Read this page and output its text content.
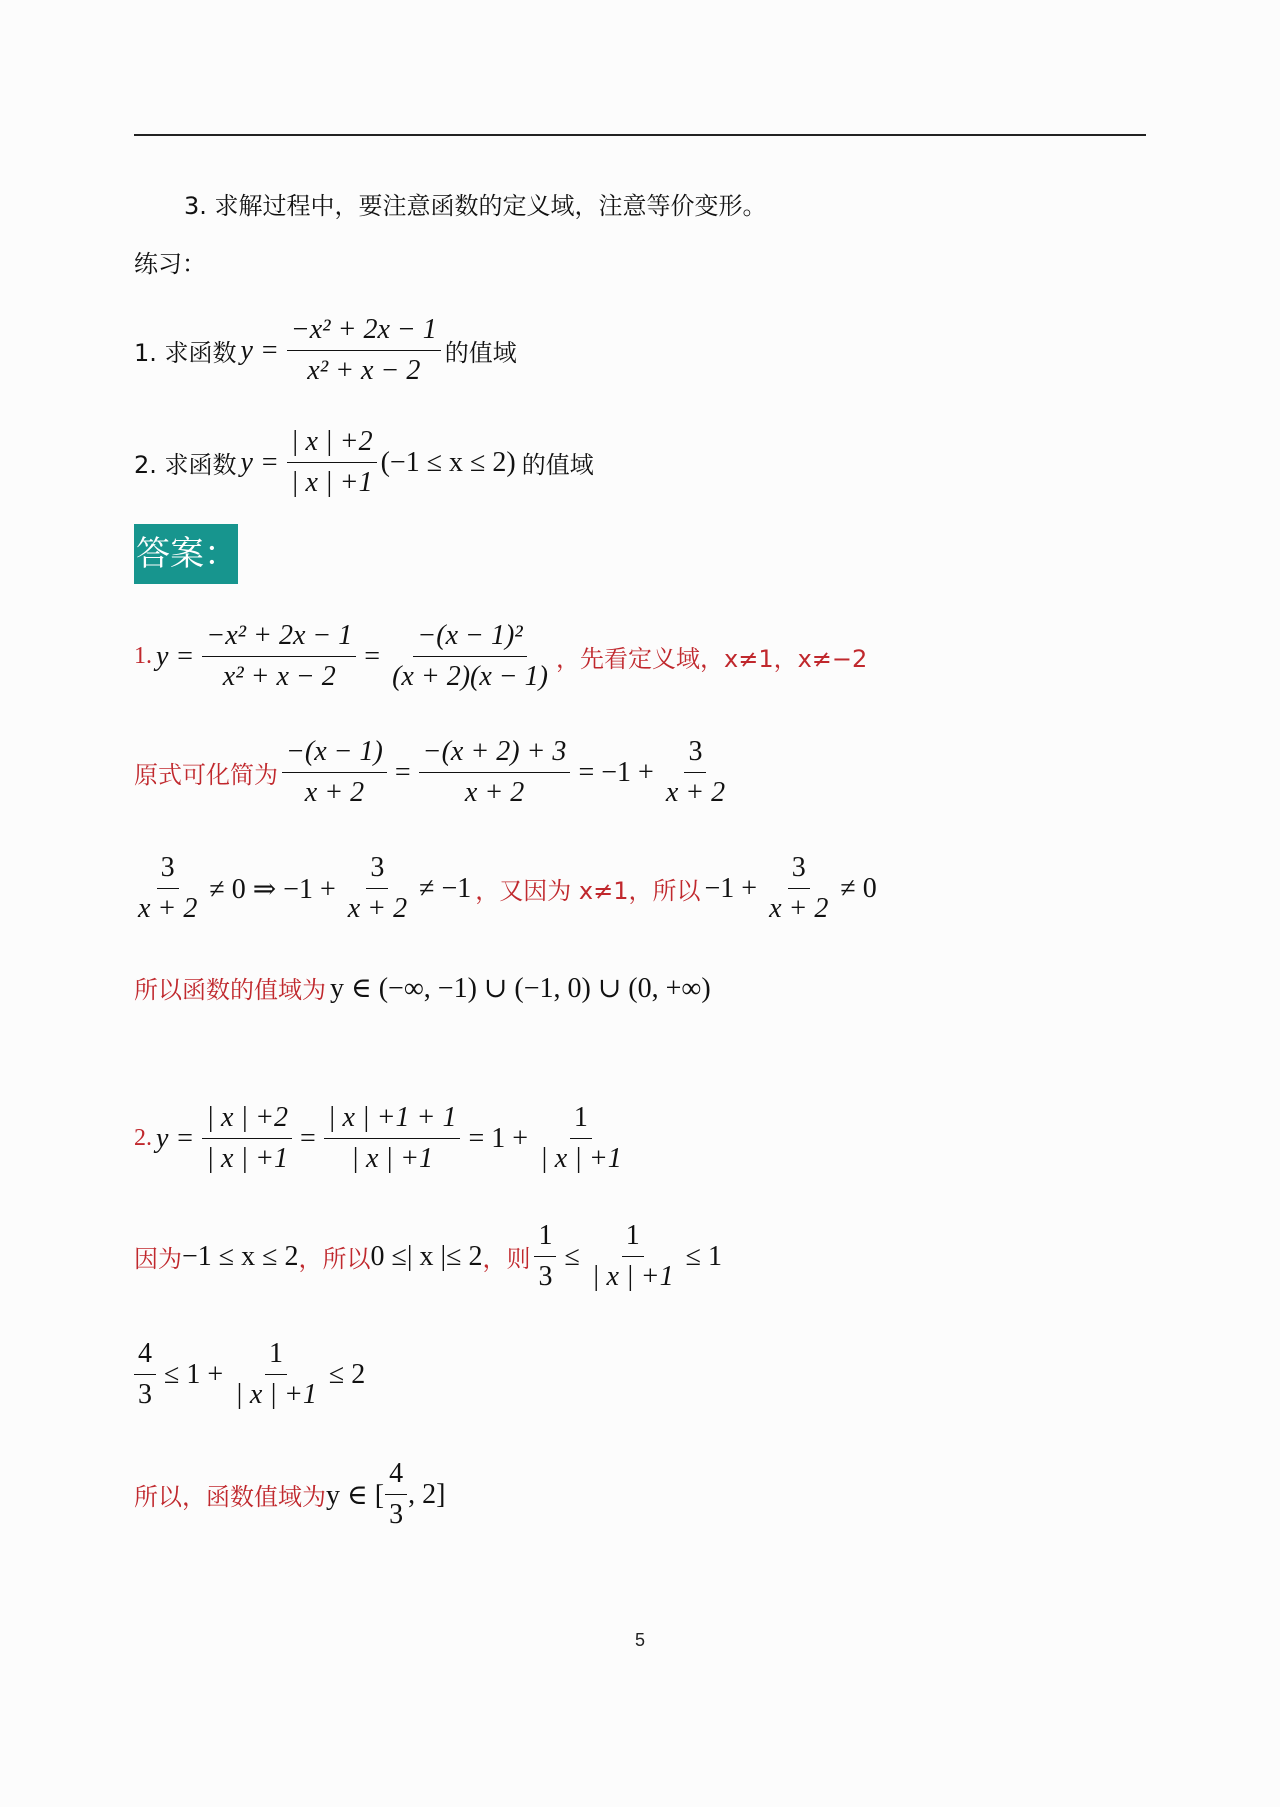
3. 求解过程中，要注意函数的定义域，注意等价变形。
练习：
1. 求函数 $y = \frac{\text{−x² + 2x − 1}}{\text{x² + x − 2}}$ 的值域
2. 求函数 $y = \frac{| x | +2}{| x | +1} (-1 \le x \le 2)$ 的值域
答案：
1. $y = \frac{\text{−x² + 2x − 1}}{\text{x² + x − 2}} = \frac{\text{−(x − 1)²}}{(x + 2)(x - 1)}$ ，先看定义域，x≠1，x≠−2
原式可化简为 $\frac{-(x - 1)}{x + 2} = \frac{-(x + 2) + 3}{x + 2} = -1 + \frac{3}{x + 2}$
$\frac{3}{x + 2} \ne 0$ ⇒ $-1 + \frac{3}{x + 2} \ne -1$ ，又因为 x≠1，所以 $-1 + \frac{3}{x + 2} \ne 0$
所以函数的值域为 y ∈ (−∞, −1) ∪ (−1, 0) ∪ (0, +∞)
2. $y = \frac{| x | +2}{| x | +1} = \frac{| x | +1 + 1}{| x | +1} = 1 + \frac{1}{| x | +1}$
因为 −1 ≤ x ≤ 2 ，所以 0 ≤| x |≤ 2 ，则 $\frac{1}{3} \le \frac{1}{| x | +1} \le 1$
$\frac{4}{3} \le 1 + \frac{1}{| x | +1} \le 2$
所以，函数值域为 y ∈ [ $\frac{4}{3}$ , 2]
5
